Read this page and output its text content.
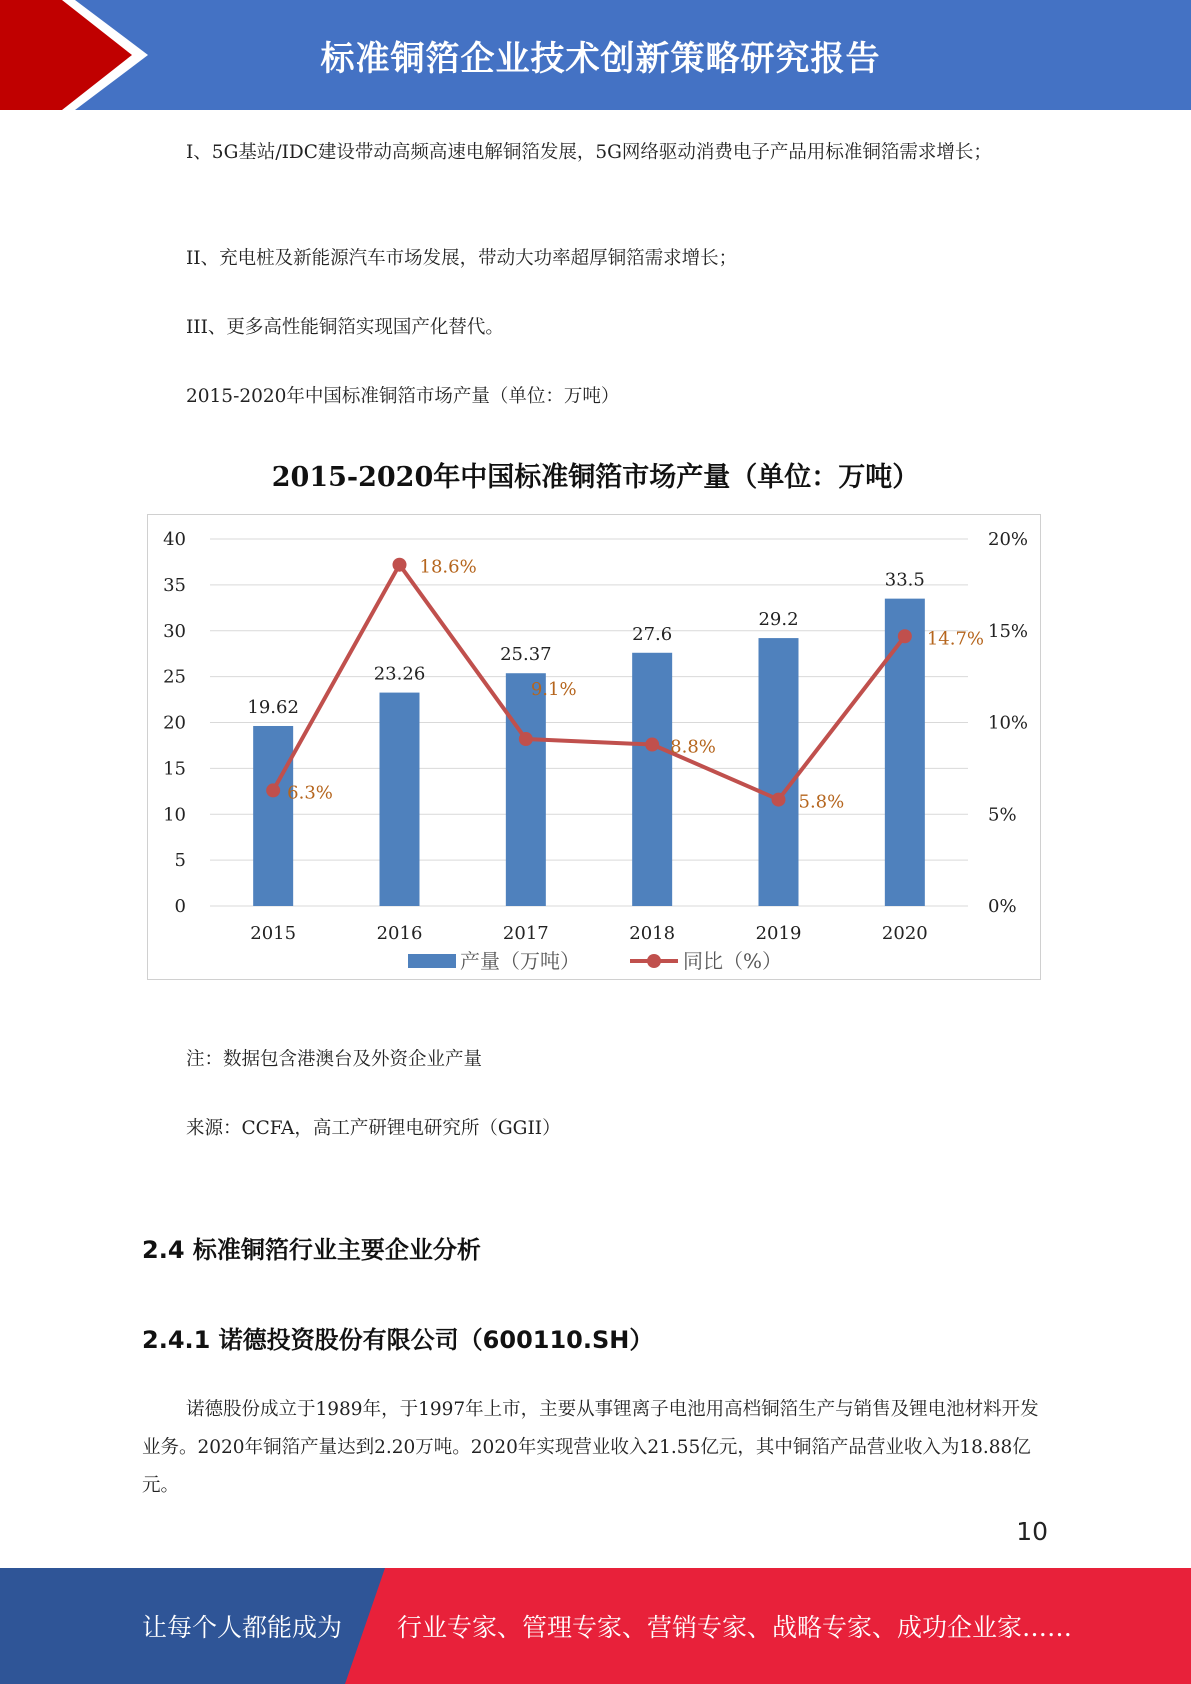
标准铜箔企业技术创新策略研究报告

I、5G基站/IDC建设带动高频高速电解铜箔发展，5G网络驱动消费电子产品用标准铜箔需求增长；

II、充电桩及新能源汽车市场发展，带动大功率超厚铜箔需求增长；

III、更多高性能铜箔实现国产化替代。

2015-2020年中国标准铜箔市场产量（单位：万吨）

2015-2020年中国标准铜箔市场产量（单位：万吨）
0
5
10
15
20
25
30
35
40
0%
5%
10%
15%
20%
19.62
23.26
25.37
27.6
29.2
33.5
2015	2016	2017	2018	2019	2020
6.3%
18.6%
9.1%
8.8%
5.8%
14.7%
产量（万吨）	同比（%）

注：数据包含港澳台及外资企业产量

来源：CCFA，高工产研锂电研究所（GGII）

2.4 标准铜箔行业主要企业分析
2.4.1 诺德投资股份有限公司（600110.SH）

诺德股份成立于1989年，于1997年上市，主要从事锂离子电池用高档铜箔生产与销售及锂电池材料开发业务。2020年铜箔产量达到2.20万吨。2020年实现营业收入21.55亿元，其中铜箔产品营业收入为18.88亿元。

10
让每个人都能成为 行业专家、管理专家、营销专家、战略专家、成功企业家……
